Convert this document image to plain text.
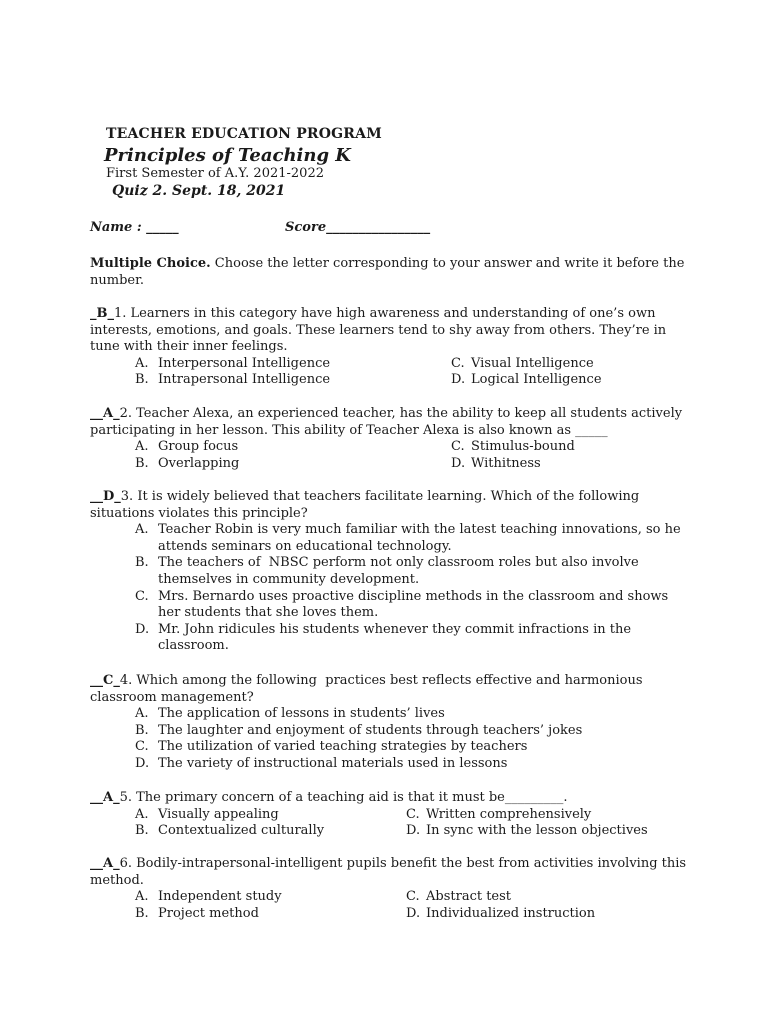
TEACHER EDUCATION PROGRAM
Principles of Teaching K
First Semester of A.Y. 2021-2022
Quiz 2. Sept. 18, 2021
Name : _____	Score________________
Multiple Choice. Choose the letter corresponding to your answer and write it before the number.
_B_1. Learners in this category have high awareness and understanding of one’s own interests, emotions, and goals. These learners tend to shy away from others. They’re in tune with their inner feelings.
A. Interpersonal Intelligence	C. Visual Intelligence
B. Intrapersonal Intelligence	D. Logical Intelligence
__A_2. Teacher Alexa, an experienced teacher, has the ability to keep all students actively participating in her lesson. This ability of Teacher Alexa is also known as _____
A. Group focus	C. Stimulus-bound
B. Overlapping	D. Withitness
__D_3. It is widely believed that teachers facilitate learning. Which of the following situations violates this principle?
A. Teacher Robin is very much familiar with the latest teaching innovations, so he attends seminars on educational technology.
B. The teachers of  NBSC perform not only classroom roles but also involve themselves in community development.
C. Mrs. Bernardo uses proactive discipline methods in the classroom and shows her students that she loves them.
D. Mr. John ridicules his students whenever they commit infractions in the classroom.
__C_4. Which among the following  practices best reflects effective and harmonious classroom management?
A. The application of lessons in students’ lives
B. The laughter and enjoyment of students through teachers’ jokes
C. The utilization of varied teaching strategies by teachers
D. The variety of instructional materials used in lessons
__A_5. The primary concern of a teaching aid is that it must be_________.
A. Visually appealing	C. Written comprehensively
B. Contextualized culturally	D. In sync with the lesson objectives
__A_6. Bodily-intrapersonal-intelligent pupils benefit the best from activities involving this method.
A. Independent study	C. Abstract test
B. Project method	D. Individualized instruction
